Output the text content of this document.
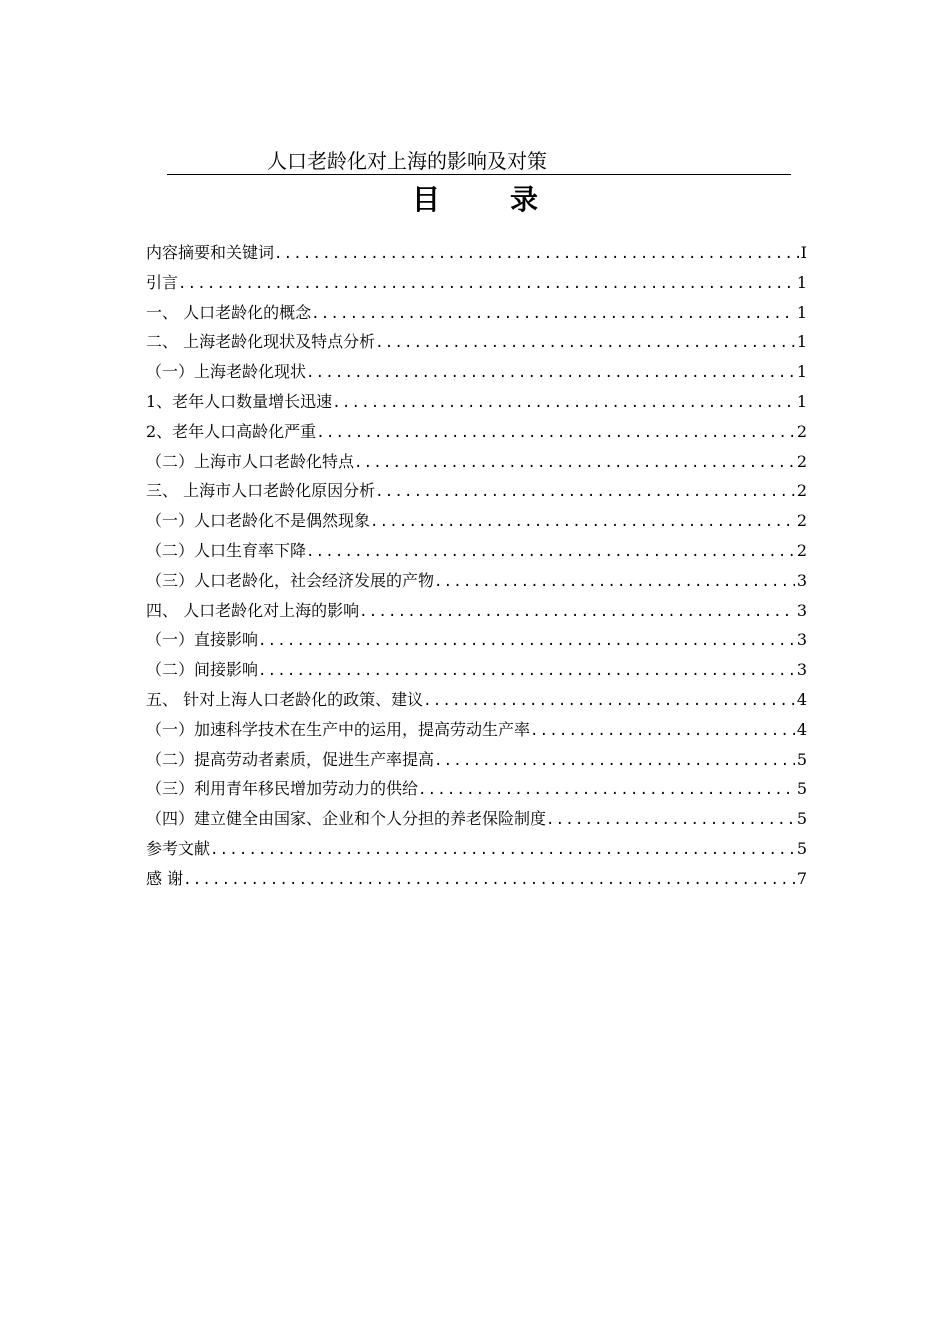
人口老龄化对上海的影响及对策
目录
内容摘要和关键词 .....	I
引言 .....	1
一、 人口老龄化的概念 .....	1
二、 上海老龄化现状及特点分析 .....	1
（一）上海老龄化现状 .....	1
1、老年人口数量增长迅速 .....	1
2、老年人口高龄化严重 .....	2
（二）上海市人口老龄化特点 .....	2
三、 上海市人口老龄化原因分析 .....	2
（一）人口老龄化不是偶然现象 .....	2
（二）人口生育率下降 .....	2
（三）人口老龄化，社会经济发展的产物 .....	3
四、 人口老龄化对上海的影响 .....	3
（一）直接影响 .....	3
（二）间接影响 .....	3
五、 针对上海人口老龄化的政策、建议 .....	4
（一）加速科学技术在生产中的运用，提高劳动生产率 .....	4
（二）提高劳动者素质，促进生产率提高 .....	5
（三）利用青年移民增加劳动力的供给 .....	5
（四）建立健全由国家、企业和个人分担的养老保险制度 .....	5
参考文献 .....	5
感 谢 .....	7
